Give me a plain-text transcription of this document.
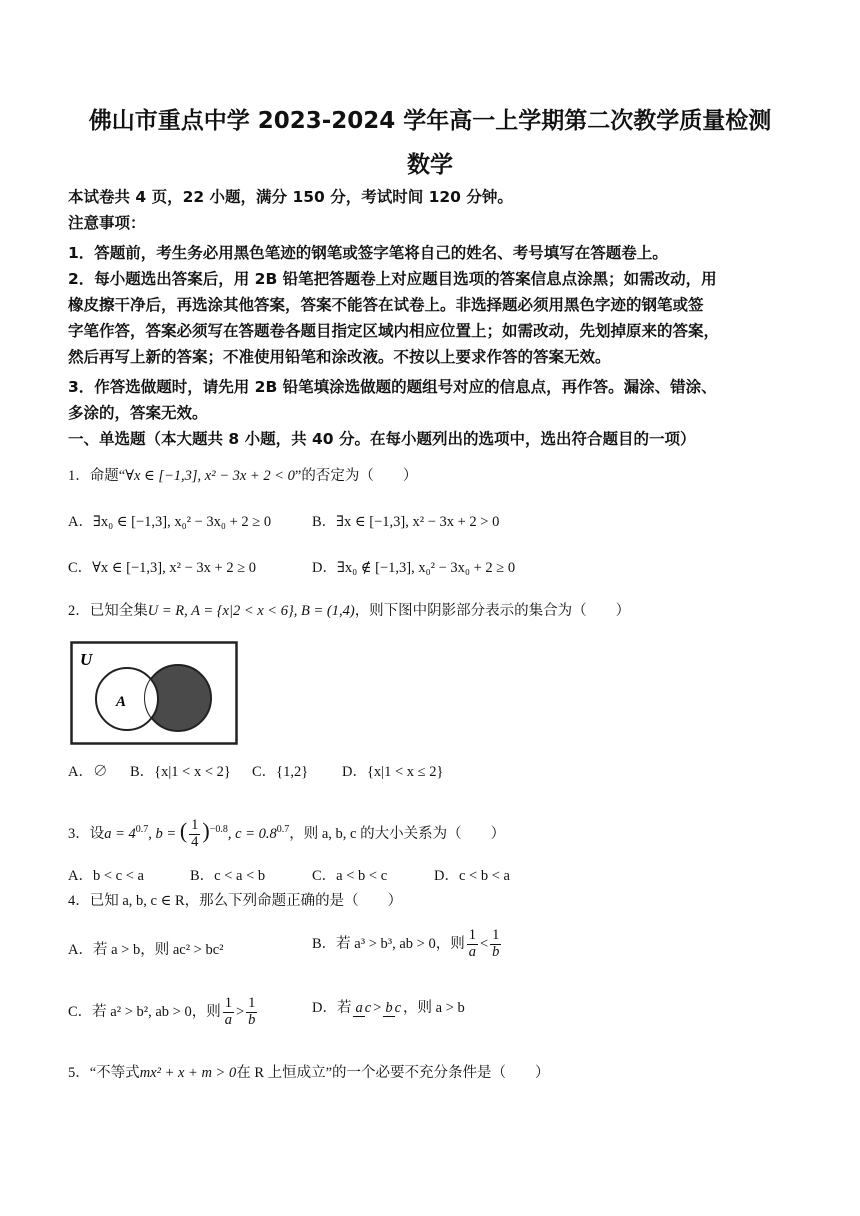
佛山市重点中学 2023-2024 学年高一上学期第二次教学质量检测
数学
本试卷共 4 页，22 小题，满分 150 分，考试时间 120 分钟。
注意事项：
1．答题前，考生务必用黑色笔迹的钢笔或签字笔将自己的姓名、考号填写在答题卷上。
2．每小题选出答案后，用 2B 铅笔把答题卷上对应题目选项的答案信息点涂黑；如需改动，用
橡皮擦干净后，再选涂其他答案，答案不能答在试卷上。非选择题必须用黑色字迹的钢笔或签
字笔作答，答案必须写在答题卷各题目指定区域内相应位置上；如需改动，先划掉原来的答案，
然后再写上新的答案；不准使用铅笔和涂改液。不按以上要求作答的答案无效。
3．作答选做题时，请先用 2B 铅笔填涂选做题的题组号对应的信息点，再作答。漏涂、错涂、
多涂的，答案无效。
一、单选题（本大题共 8 小题，共 40 分。在每小题列出的选项中，选出符合题目的一项）
1．命题“∀x ∈ [−1,3], x² − 3x + 2 < 0”的否定为（　　）
A．∃x₀ ∈ [−1,3], x₀² − 3x₀ + 2 ≥ 0	B．∃x ∈ [−1,3], x² − 3x + 2 > 0
C．∀x ∈ [−1,3], x² − 3x + 2 ≥ 0	D．∃x₀ ∉ [−1,3], x₀² − 3x₀ + 2 ≥ 0
2．已知全集U = R, A = {x|2 < x < 6}, B = (1,4)，则下图中阴影部分表示的集合为（　　）
U
A
A．∅ B．{x|1 < x < 2} C．{1,2} D．{x|1 < x ≤ 2}
3．设$a = 4^{0.7}$, b = ( $\frac{1}{4} )^{-0.8}$, $c = 0.8^{0.7}$，则 a, b, c 的大小关系为（　　）
A．b < c < a	B．c < a < b	C．a < b < c	D．c < b < a
4．已知 a, b, c ∈ R，那么下列命题正确的是（　　）
A．若 a > b，则 ac² > bc²	B．若 a³ > b³, ab > 0，则 $\frac{1}{a} < \frac{1}{b}$
C．若 a² > b², ab > 0，则 $\frac{1}{a} > \frac{1}{b}$	D．若 a c > b c ，则 a > b
5．“不等式mx² + x + m > 0在 R 上恒成立”的一个必要不充分条件是（　　）
